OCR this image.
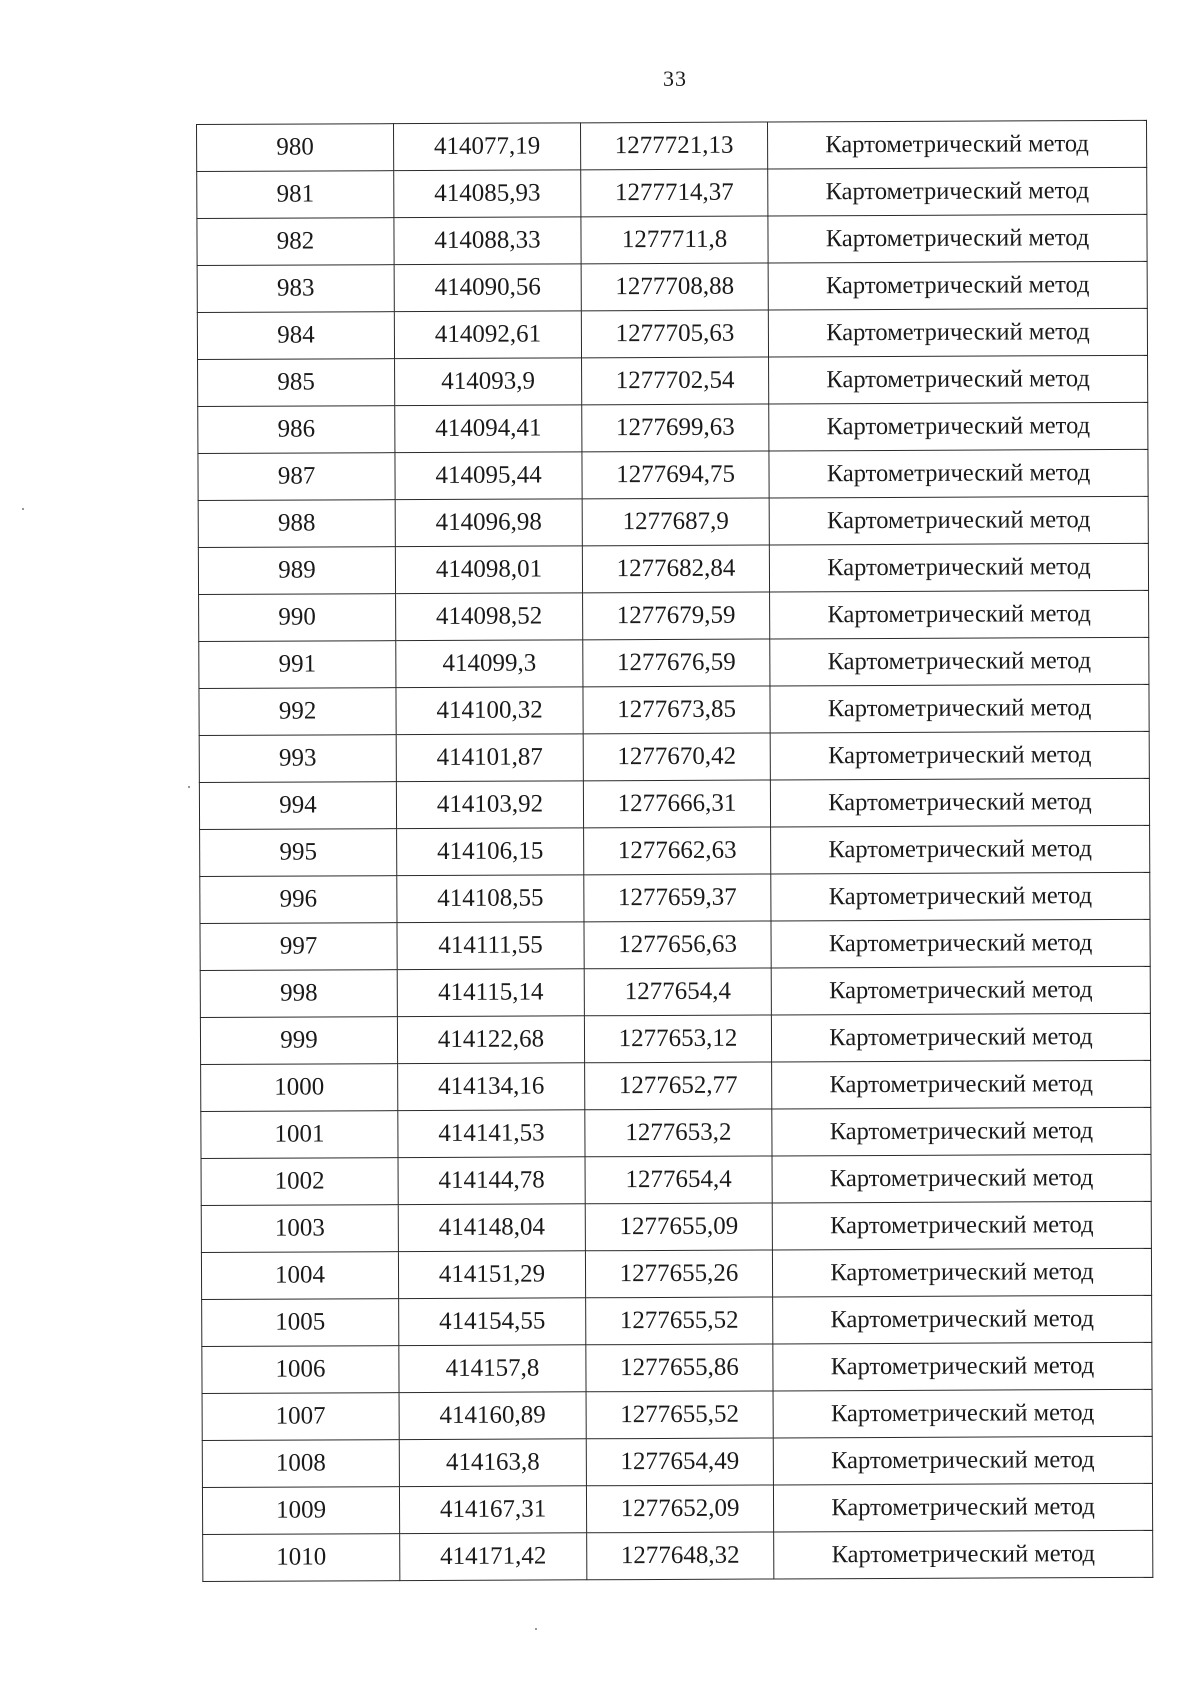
33
980	414077,19	1277721,13	Картометрический метод
981	414085,93	1277714,37	Картометрический метод
982	414088,33	1277711,8	Картометрический метод
983	414090,56	1277708,88	Картометрический метод
984	414092,61	1277705,63	Картометрический метод
985	414093,9	1277702,54	Картометрический метод
986	414094,41	1277699,63	Картометрический метод
987	414095,44	1277694,75	Картометрический метод
988	414096,98	1277687,9	Картометрический метод
989	414098,01	1277682,84	Картометрический метод
990	414098,52	1277679,59	Картометрический метод
991	414099,3	1277676,59	Картометрический метод
992	414100,32	1277673,85	Картометрический метод
993	414101,87	1277670,42	Картометрический метод
994	414103,92	1277666,31	Картометрический метод
995	414106,15	1277662,63	Картометрический метод
996	414108,55	1277659,37	Картометрический метод
997	414111,55	1277656,63	Картометрический метод
998	414115,14	1277654,4	Картометрический метод
999	414122,68	1277653,12	Картометрический метод
1000	414134,16	1277652,77	Картометрический метод
1001	414141,53	1277653,2	Картометрический метод
1002	414144,78	1277654,4	Картометрический метод
1003	414148,04	1277655,09	Картометрический метод
1004	414151,29	1277655,26	Картометрический метод
1005	414154,55	1277655,52	Картометрический метод
1006	414157,8	1277655,86	Картометрический метод
1007	414160,89	1277655,52	Картометрический метод
1008	414163,8	1277654,49	Картометрический метод
1009	414167,31	1277652,09	Картометрический метод
1010	414171,42	1277648,32	Картометрический метод
